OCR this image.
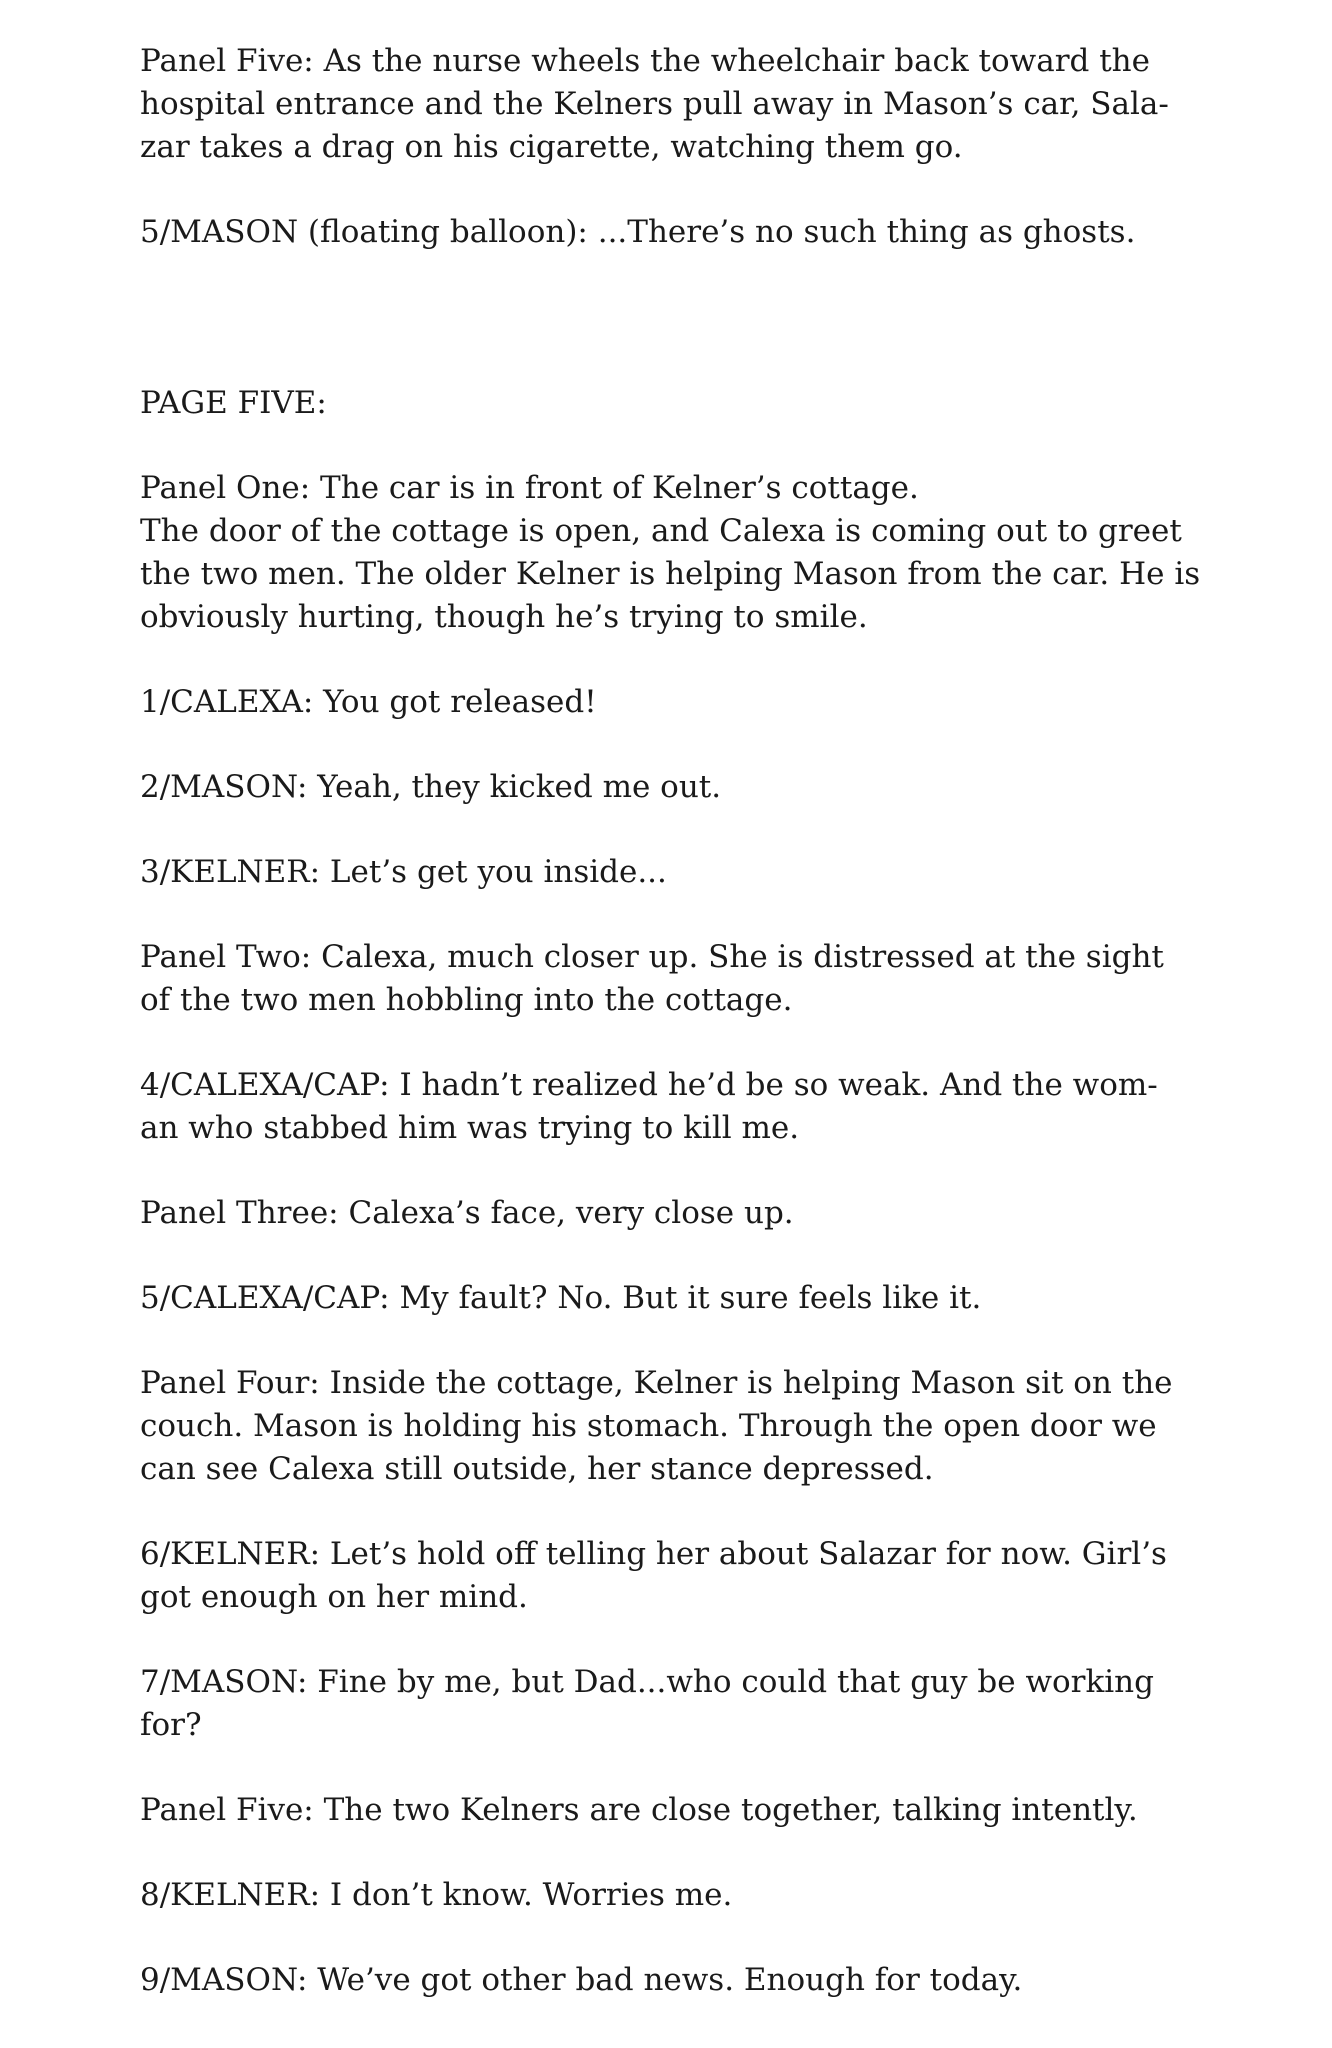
Panel Five: As the nurse wheels the wheelchair back toward the
hospital entrance and the Kelners pull away in Mason’s car, Sala-
zar takes a drag on his cigarette, watching them go.

5/MASON (floating balloon): ...There’s no such thing as ghosts.

PAGE FIVE:

Panel One: The car is in front of Kelner’s cottage.
The door of the cottage is open, and Calexa is coming out to greet
the two men. The older Kelner is helping Mason from the car. He is
obviously hurting, though he’s trying to smile.

1/CALEXA: You got released!

2/MASON: Yeah, they kicked me out.

3/KELNER: Let’s get you inside...

Panel Two: Calexa, much closer up. She is distressed at the sight
of the two men hobbling into the cottage.

4/CALEXA/CAP: I hadn’t realized he’d be so weak. And the wom-
an who stabbed him was trying to kill me.

Panel Three: Calexa’s face, very close up.

5/CALEXA/CAP: My fault? No. But it sure feels like it.

Panel Four: Inside the cottage, Kelner is helping Mason sit on the
couch. Mason is holding his stomach. Through the open door we
can see Calexa still outside, her stance depressed.

6/KELNER: Let’s hold off telling her about Salazar for now. Girl’s
got enough on her mind.

7/MASON: Fine by me, but Dad...who could that guy be working
for?

Panel Five: The two Kelners are close together, talking intently.

8/KELNER: I don’t know. Worries me.

9/MASON: We’ve got other bad news. Enough for today.
